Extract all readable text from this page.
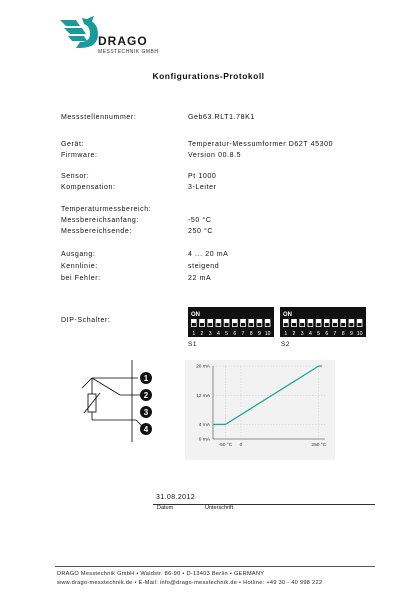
DRAGO
MESSTECHNIK GMBH
Konfigurations-Protokoll
Messstellennummer:	Geb63.RLT1.78K1
Gerät:	Temperatur-Messumformer D62T 45300
Firmware:	Version 00.8.5
Sensor:	Pt 1000
Kompensation:	3-Leiter
Temperaturmessbereich:
Messbereichsanfang:	-50 °C
Messbereichsende:	250 °C
Ausgang:	4 ... 20 mA
Kennlinie:	steigend
bei Fehler:	22 mA
DIP-Schalter:
ON
1 2 3 4 5 6 7 8 9 10
S1
ON
1 2 3 4 5 6 7 8 9 10
S2
1
2
3
4
0 mA
4 mA
12 mA
20 mA
-50 °C 0	250 °C
31.08.2012
Datum	Unterschrift
DRAGO Messtechnik GmbH • Waldstr. 86-90 • D-13403 Berlin • GERMANY
www.drago-messtechnik.de • E-Mail: info@drago-messtechnik.de • Hotline: +49 30 - 40 998 222
